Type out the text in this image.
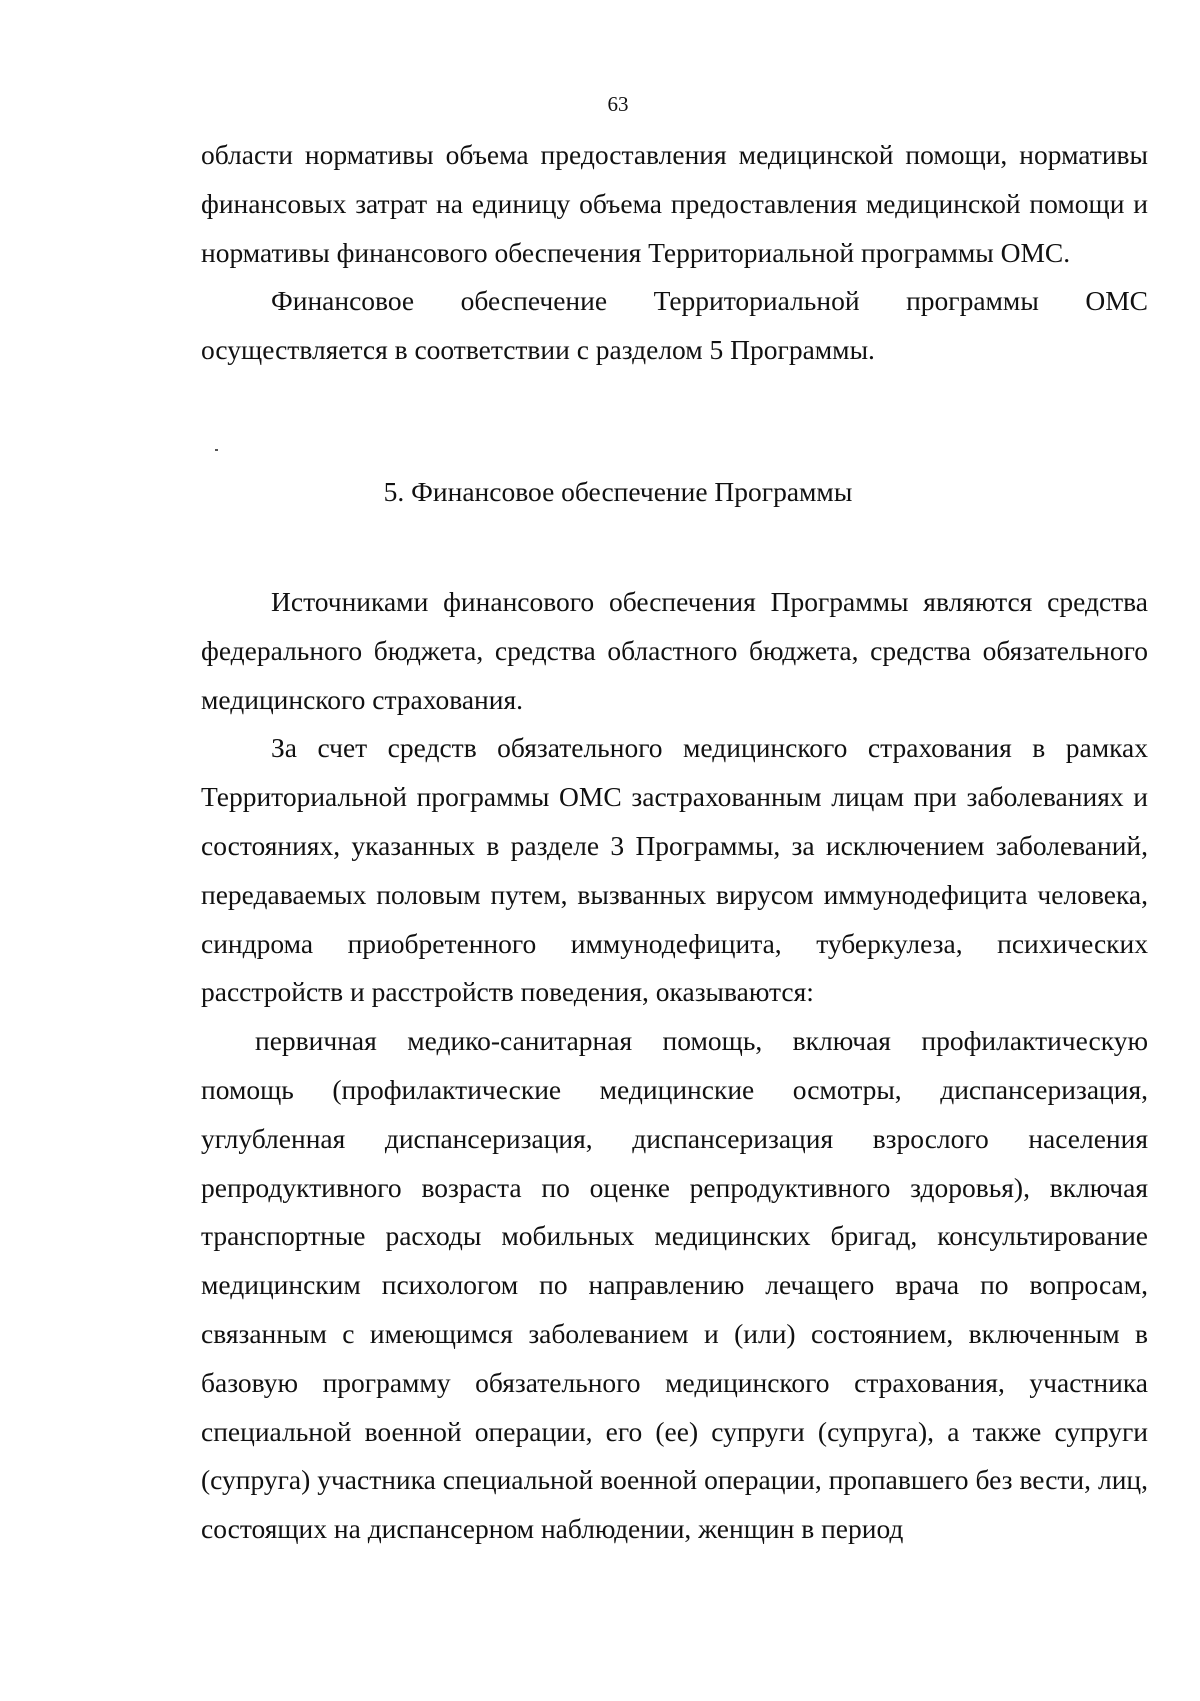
63

области нормативы объема предоставления медицинской помощи, нормативы финансовых затрат на единицу объема предоставления медицинской помощи и нормативы финансового обеспечения Территориальной программы ОМС.

Финансовое обеспечение Территориальной программы ОМС осуществляется в соответствии с разделом 5 Программы.

5. Финансовое обеспечение Программы

Источниками финансового обеспечения Программы являются средства федерального бюджета, средства областного бюджета, средства обязательного медицинского страхования.

За счет средств обязательного медицинского страхования в рамках Территориальной программы ОМС застрахованным лицам при заболеваниях и состояниях, указанных в разделе 3 Программы, за исключением заболеваний, передаваемых половым путем, вызванных вирусом иммунодефицита человека, синдрома приобретенного иммунодефицита, туберкулеза, психических расстройств и расстройств поведения, оказываются:

первичная медико-санитарная помощь, включая профилактическую помощь (профилактические медицинские осмотры, диспансеризация, углубленная диспансеризация, диспансеризация взрослого населения репродуктивного возраста по оценке репродуктивного здоровья), включая транспортные расходы мобильных медицинских бригад, консультирование медицинским психологом по направлению лечащего врача по вопросам, связанным с имеющимся заболеванием и (или) состоянием, включенным в базовую программу обязательного медицинского страхования, участника специальной военной операции, его (ее) супруги (супруга), а также супруги (супруга) участника специальной военной операции, пропавшего без вести, лиц, состоящих на диспансерном наблюдении, женщин в период
